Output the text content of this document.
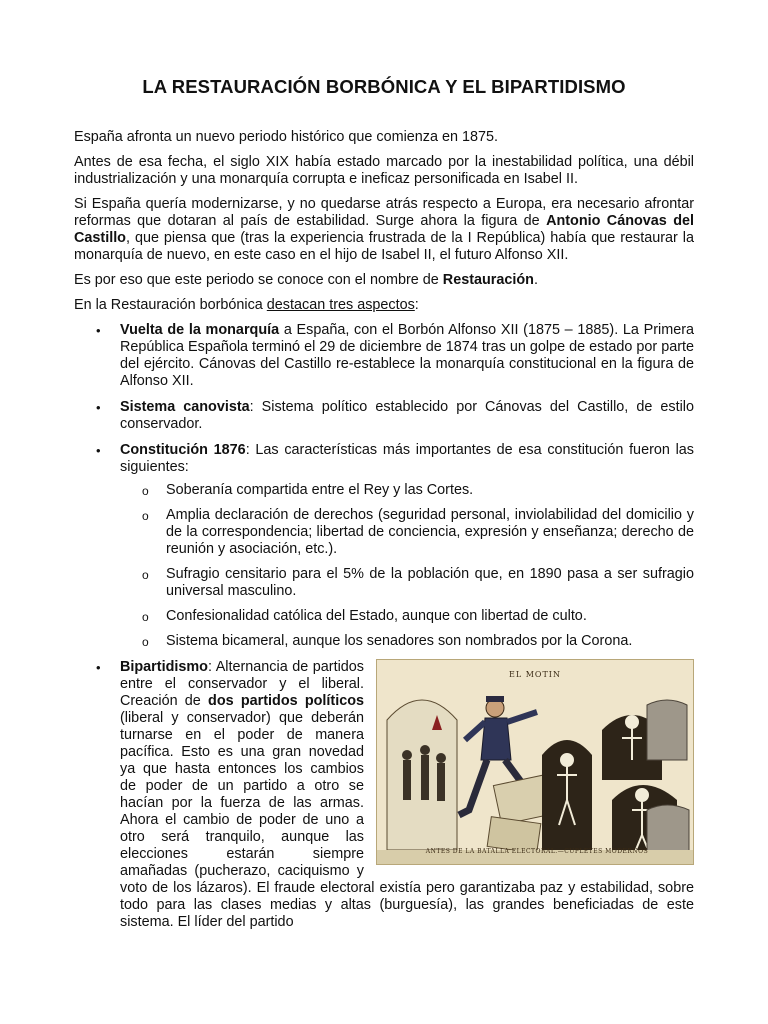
LA RESTAURACIÓN BORBÓNICA Y EL BIPARTIDISMO

España afronta un nuevo periodo histórico que comienza en 1875.

Antes de esa fecha, el siglo XIX había estado marcado por la inestabilidad política, una débil industrialización y una monarquía corrupta e ineficaz personificada en Isabel II.

Si España quería modernizarse, y no quedarse atrás respecto a Europa, era necesario afrontar reformas que dotaran al país de estabilidad. Surge ahora la figura de Antonio Cánovas del Castillo, que piensa que (tras la experiencia frustrada de la I República) había que restaurar la monarquía de nuevo, en este caso en el hijo de Isabel II, el futuro Alfonso XII.

Es por eso que este periodo se conoce con el nombre de Restauración.

En la Restauración borbónica destacan tres aspectos:

• Vuelta de la monarquía a España, con el Borbón Alfonso XII (1875 – 1885). La Primera República Española terminó el 29 de diciembre de 1874 tras un golpe de estado por parte del ejército. Cánovas del Castillo re-establece la monarquía constitucional en la figura de Alfonso XII.
• Sistema canovista: Sistema político establecido por Cánovas del Castillo, de estilo conservador.
• Constitución 1876: Las características más importantes de esa constitución fueron las siguientes:
o Soberanía compartida entre el Rey y las Cortes.
o Amplia declaración de derechos (seguridad personal, inviolabilidad del domicilio y de la correspondencia; libertad de conciencia, expresión y enseñanza; derecho de reunión y asociación, etc.).
o Sufragio censitario para el 5% de la población que, en 1890 pasa a ser sufragio universal masculino.
o Confesionalidad católica del Estado, aunque con libertad de culto.
o Sistema bicameral, aunque los senadores son nombrados por la Corona.
•	EL MOTIN
ANTES DE LA BATALLA ELECTORAL.—CUPLETES MODERNOS
Bipartidismo: Alternancia de partidos entre el conservador y el liberal. Creación de dos partidos políticos (liberal y conservador) que deberán turnarse en el poder de manera pacífica. Esto es una gran novedad ya que hasta entonces los cambios de poder de un partido a otro se hacían por la fuerza de las armas. Ahora el cambio de poder de uno a otro será tranquilo, aunque las elecciones estarán siempre amañadas (pucherazo, caciquismo y voto de los lázaros). El fraude electoral existía pero garantizaba paz y estabilidad, sobre todo para las clases medias y altas (burguesía), las grandes beneficiadas de este sistema. El líder del partido
